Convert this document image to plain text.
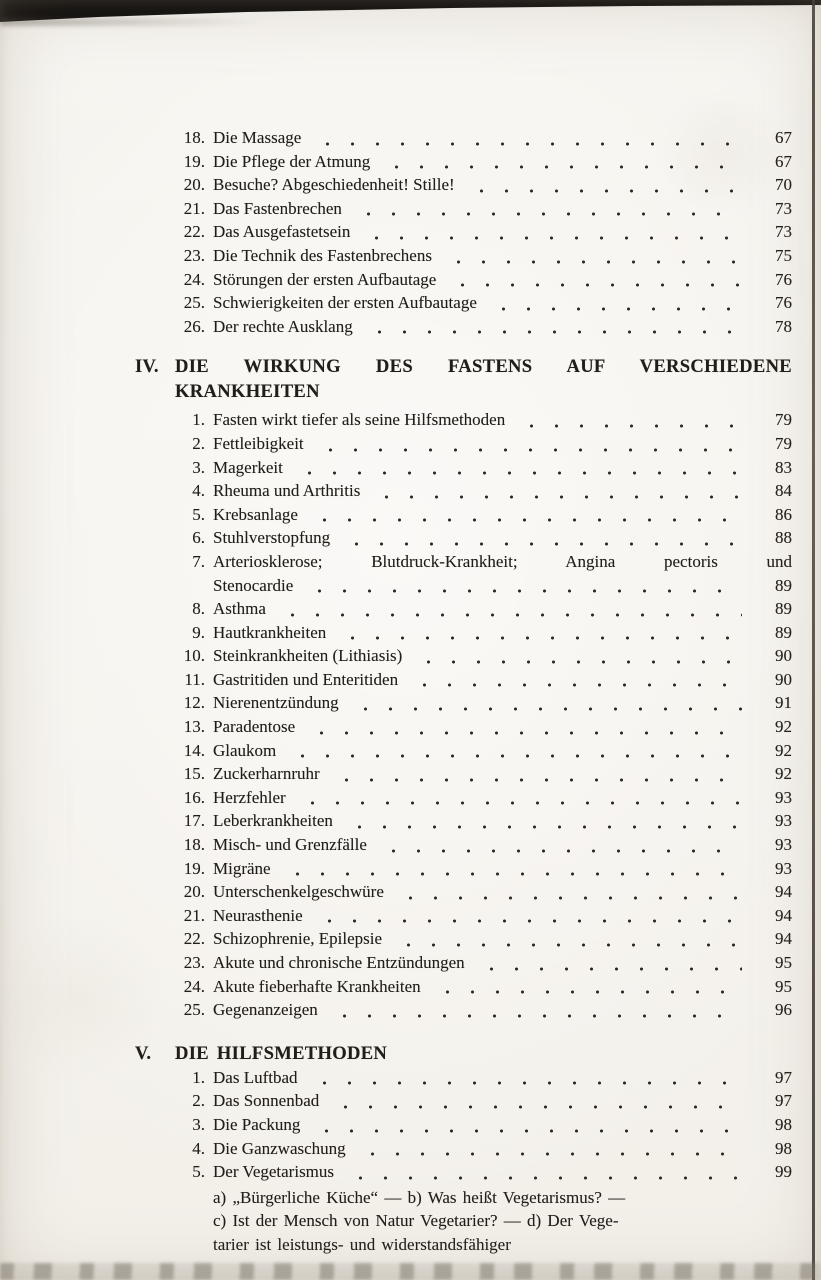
18. Die Massage	67
19. Die Pflege der Atmung	67
20. Besuche? Abgeschiedenheit! Stille!	70
21. Das Fastenbrechen	73
22. Das Ausgefastetsein	73
23. Die Technik des Fastenbrechens	75
24. Störungen der ersten Aufbautage	76
25. Schwierigkeiten der ersten Aufbautage	76
26. Der rechte Ausklang	78
IV. DIE WIRKUNG DES FASTENS AUF VERSCHIEDENE
KRANKHEITEN
1. Fasten wirkt tiefer als seine Hilfsmethoden	79
2. Fettleibigkeit	79
3. Magerkeit	83
4. Rheuma und Arthritis	84
5. Krebsanlage	86
6. Stuhlverstopfung	88
7. Arteriosklerose; Blutdruck-Krankheit; Angina pectoris und
Stenocardie	89
8. Asthma	89
9. Hautkrankheiten	89
10. Steinkrankheiten (Lithiasis)	90
11. Gastritiden und Enteritiden	90
12. Nierenentzündung	91
13. Paradentose	92
14. Glaukom	92
15. Zuckerharnruhr	92
16. Herzfehler	93
17. Leberkrankheiten	93
18. Misch- und Grenzfälle	93
19. Migräne	93
20. Unterschenkelgeschwüre	94
21. Neurasthenie	94
22. Schizophrenie, Epilepsie	94
23. Akute und chronische Entzündungen	95
24. Akute fieberhafte Krankheiten	95
25. Gegenanzeigen	96
V.	DIE HILFSMETHODEN
1. Das Luftbad	97
2. Das Sonnenbad	97
3. Die Packung	98
4. Die Ganzwaschung	98
5. Der Vegetarismus	99
a) „Bürgerliche Küche“ — b) Was heißt Vegetarismus? —
c) Ist der Mensch von Natur Vegetarier? — d) Der Vege-
tarier ist leistungs- und widerstandsfähiger
